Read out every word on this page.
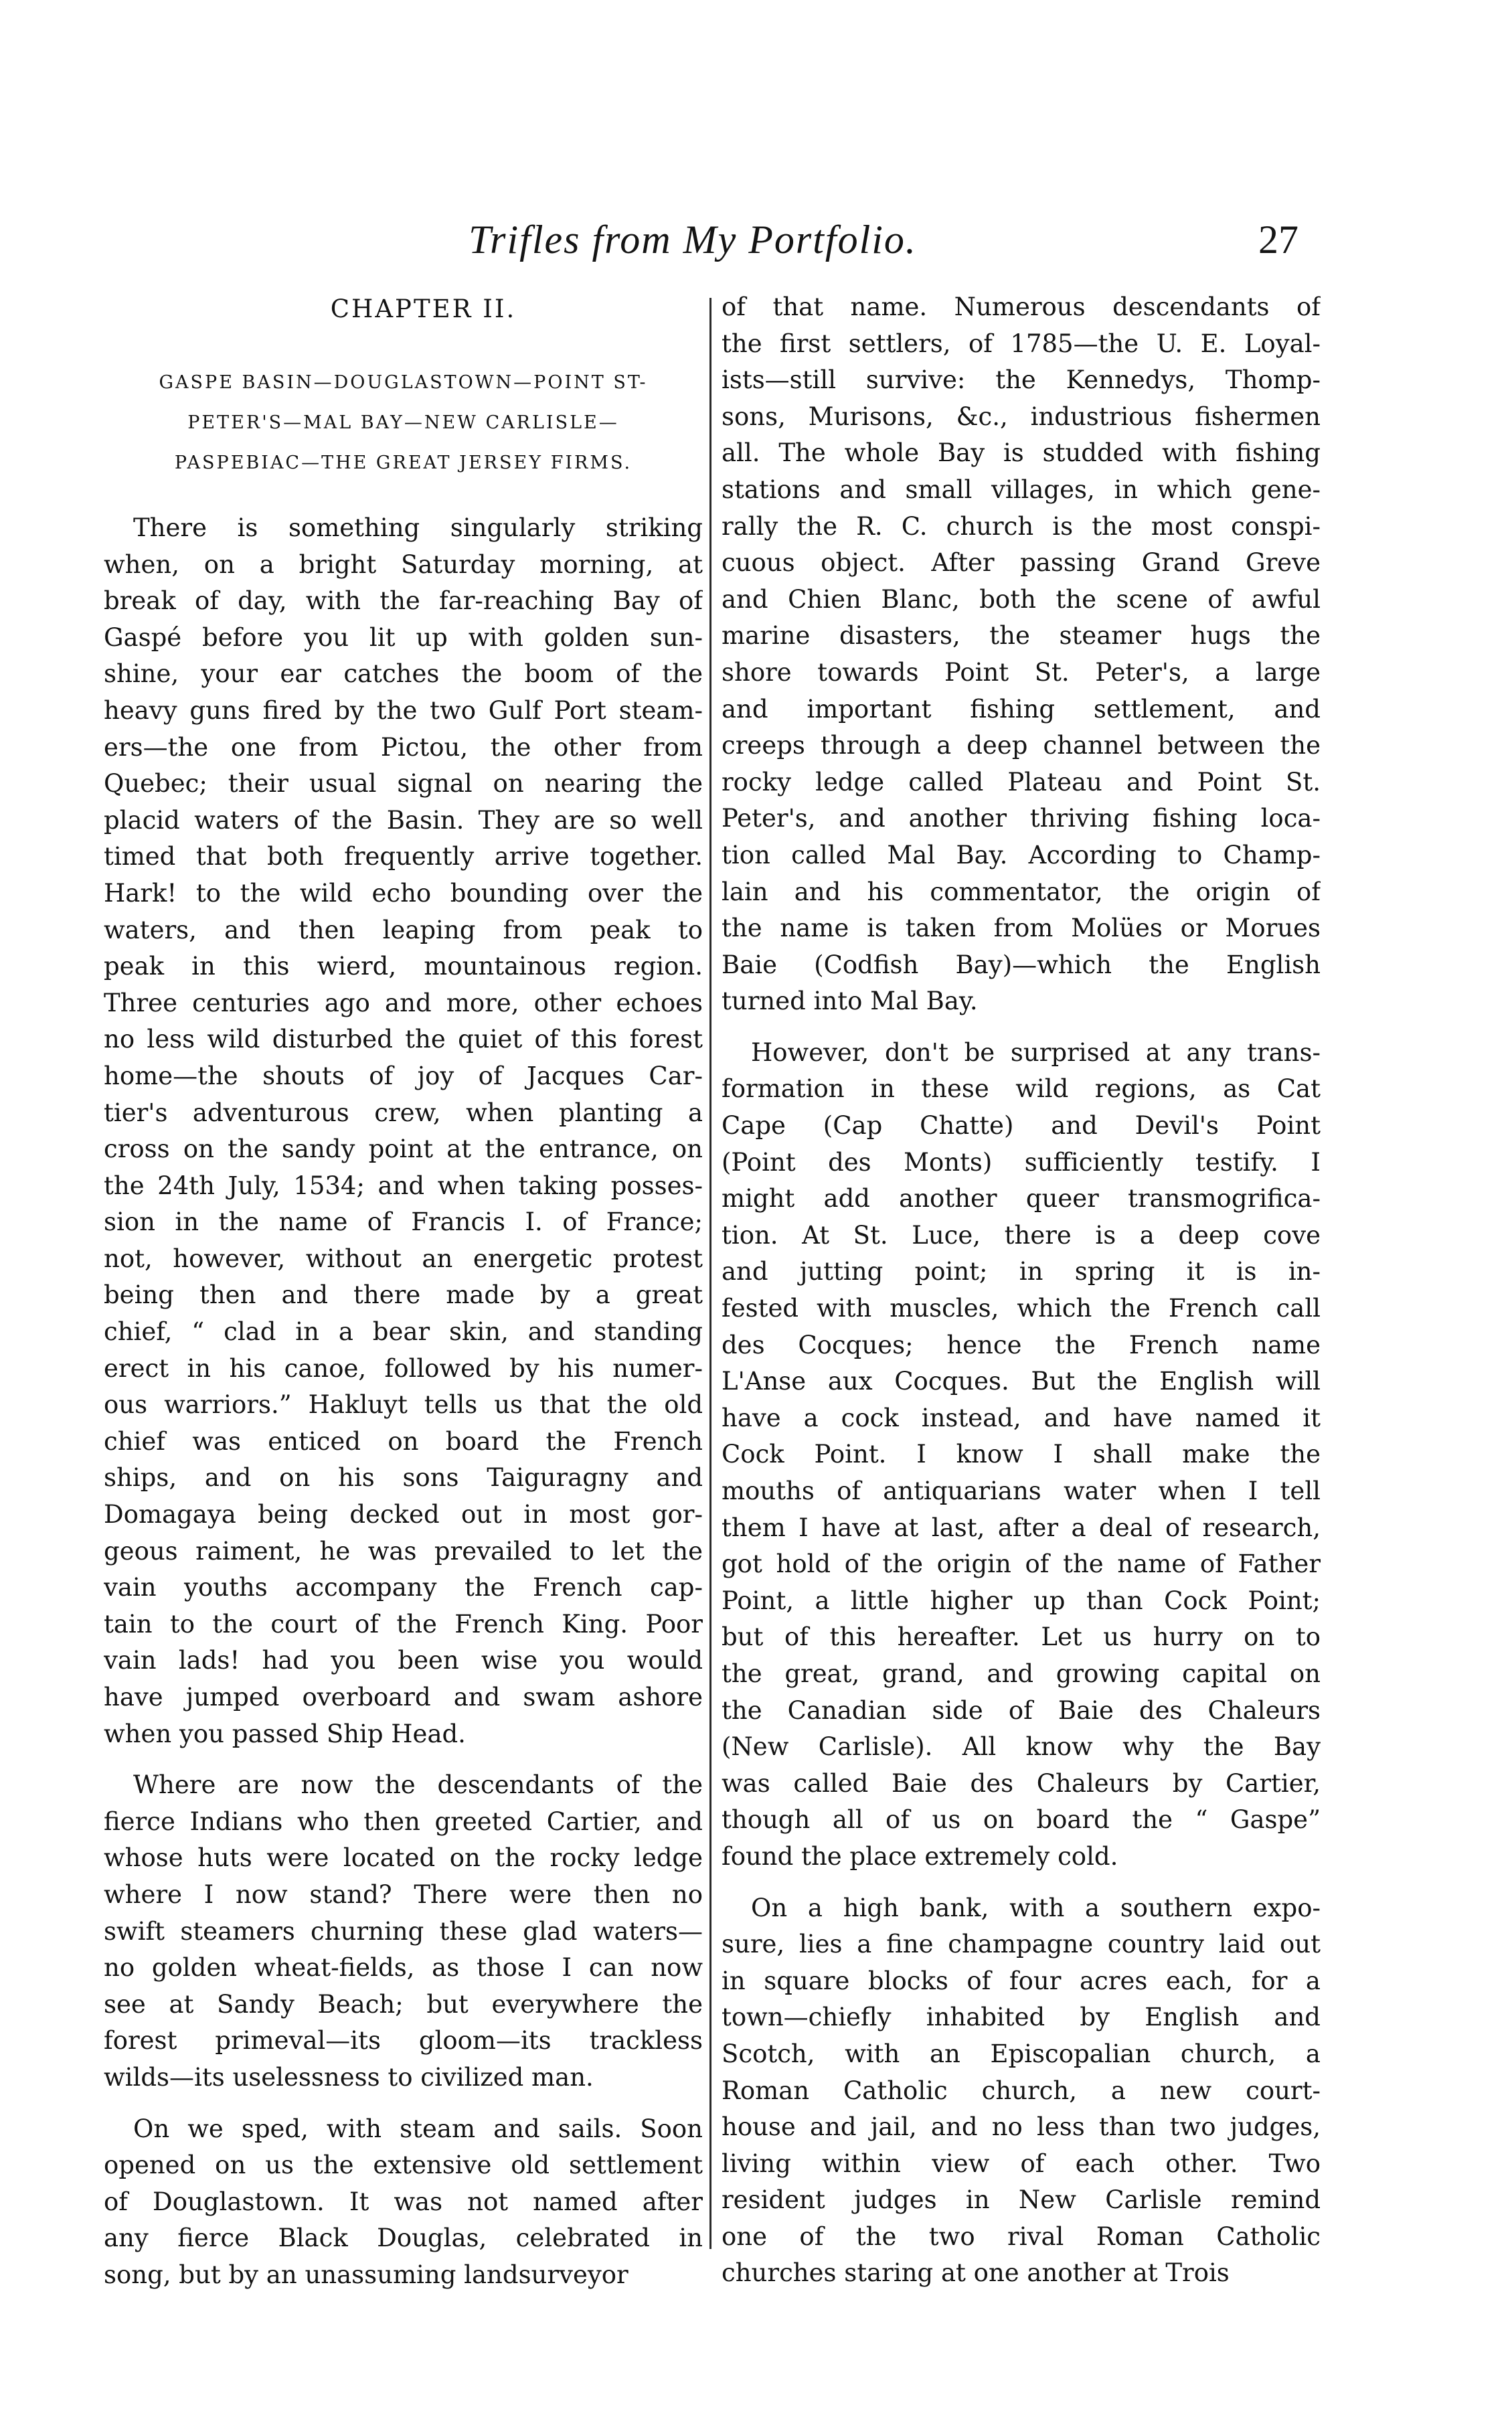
Trifles from My Portfolio.	27
CHAPTER II.
GASPE BASIN—DOUGLASTOWN—POINT ST-
PETER'S—MAL BAY—NEW CARLISLE—
PASPEBIAC—THE GREAT JERSEY FIRMS.
There is something singularly striking
when, on a bright Saturday morning, at
break of day, with the far-reaching Bay of
Gaspé before you lit up with golden sun-
shine, your ear catches the boom of the
heavy guns fired by the two Gulf Port steam-
ers—the one from Pictou, the other from
Quebec; their usual signal on nearing the
placid waters of the Basin. They are so well
timed that both frequently arrive together.
Hark! to the wild echo bounding over the
waters, and then leaping from peak to
peak in this wierd, mountainous region.
Three centuries ago and more, other echoes
no less wild disturbed the quiet of this forest
home—the shouts of joy of Jacques Car-
tier's adventurous crew, when planting a
cross on the sandy point at the entrance, on
the 24th July, 1534; and when taking posses-
sion in the name of Francis I. of France;
not, however, without an energetic protest
being then and there made by a great
chief, “ clad in a bear skin, and standing
erect in his canoe, followed by his numer-
ous warriors.” Hakluyt tells us that the old
chief was enticed on board the French
ships, and on his sons Taiguragny and
Domagaya being decked out in most gor-
geous raiment, he was prevailed to let the
vain youths accompany the French cap-
tain to the court of the French King. Poor
vain lads! had you been wise you would
have jumped overboard and swam ashore
when you passed Ship Head.
Where are now the descendants of the
fierce Indians who then greeted Cartier, and
whose huts were located on the rocky ledge
where I now stand? There were then no
swift steamers churning these glad waters—
no golden wheat-fields, as those I can now
see at Sandy Beach; but everywhere the
forest primeval—its gloom—its trackless
wilds—its uselessness to civilized man.
On we sped, with steam and sails. Soon
opened on us the extensive old settlement
of Douglastown. It was not named after
any fierce Black Douglas, celebrated in
song, but by an unassuming landsurveyor
of that name. Numerous descendants of
the first settlers, of 1785—the U. E. Loyal-
ists—still survive: the Kennedys, Thomp-
sons, Murisons, &c., industrious fishermen
all. The whole Bay is studded with fishing
stations and small villages, in which gene-
rally the R. C. church is the most conspi-
cuous object. After passing Grand Greve
and Chien Blanc, both the scene of awful
marine disasters, the steamer hugs the
shore towards Point St. Peter's, a large
and important fishing settlement, and
creeps through a deep channel between the
rocky ledge called Plateau and Point St.
Peter's, and another thriving fishing loca-
tion called Mal Bay. According to Champ-
lain and his commentator, the origin of
the name is taken from Molües or Morues
Baie (Codfish Bay)—which the English
turned into Mal Bay.
However, don't be surprised at any trans-
formation in these wild regions, as Cat
Cape (Cap Chatte) and Devil's Point
(Point des Monts) sufficiently testify. I
might add another queer transmogrifica-
tion. At St. Luce, there is a deep cove
and jutting point; in spring it is in-
fested with muscles, which the French call
des Cocques; hence the French name
L'Anse aux Cocques. But the English will
have a cock instead, and have named it
Cock Point. I know I shall make the
mouths of antiquarians water when I tell
them I have at last, after a deal of research,
got hold of the origin of the name of Father
Point, a little higher up than Cock Point;
but of this hereafter. Let us hurry on to
the great, grand, and growing capital on
the Canadian side of Baie des Chaleurs
(New Carlisle). All know why the Bay
was called Baie des Chaleurs by Cartier,
though all of us on board the “ Gaspe”
found the place extremely cold.
On a high bank, with a southern expo-
sure, lies a fine champagne country laid out
in square blocks of four acres each, for a
town—chiefly inhabited by English and
Scotch, with an Episcopalian church, a
Roman Catholic church, a new court-
house and jail, and no less than two judges,
living within view of each other. Two
resident judges in New Carlisle remind
one of the two rival Roman Catholic
churches staring at one another at Trois
